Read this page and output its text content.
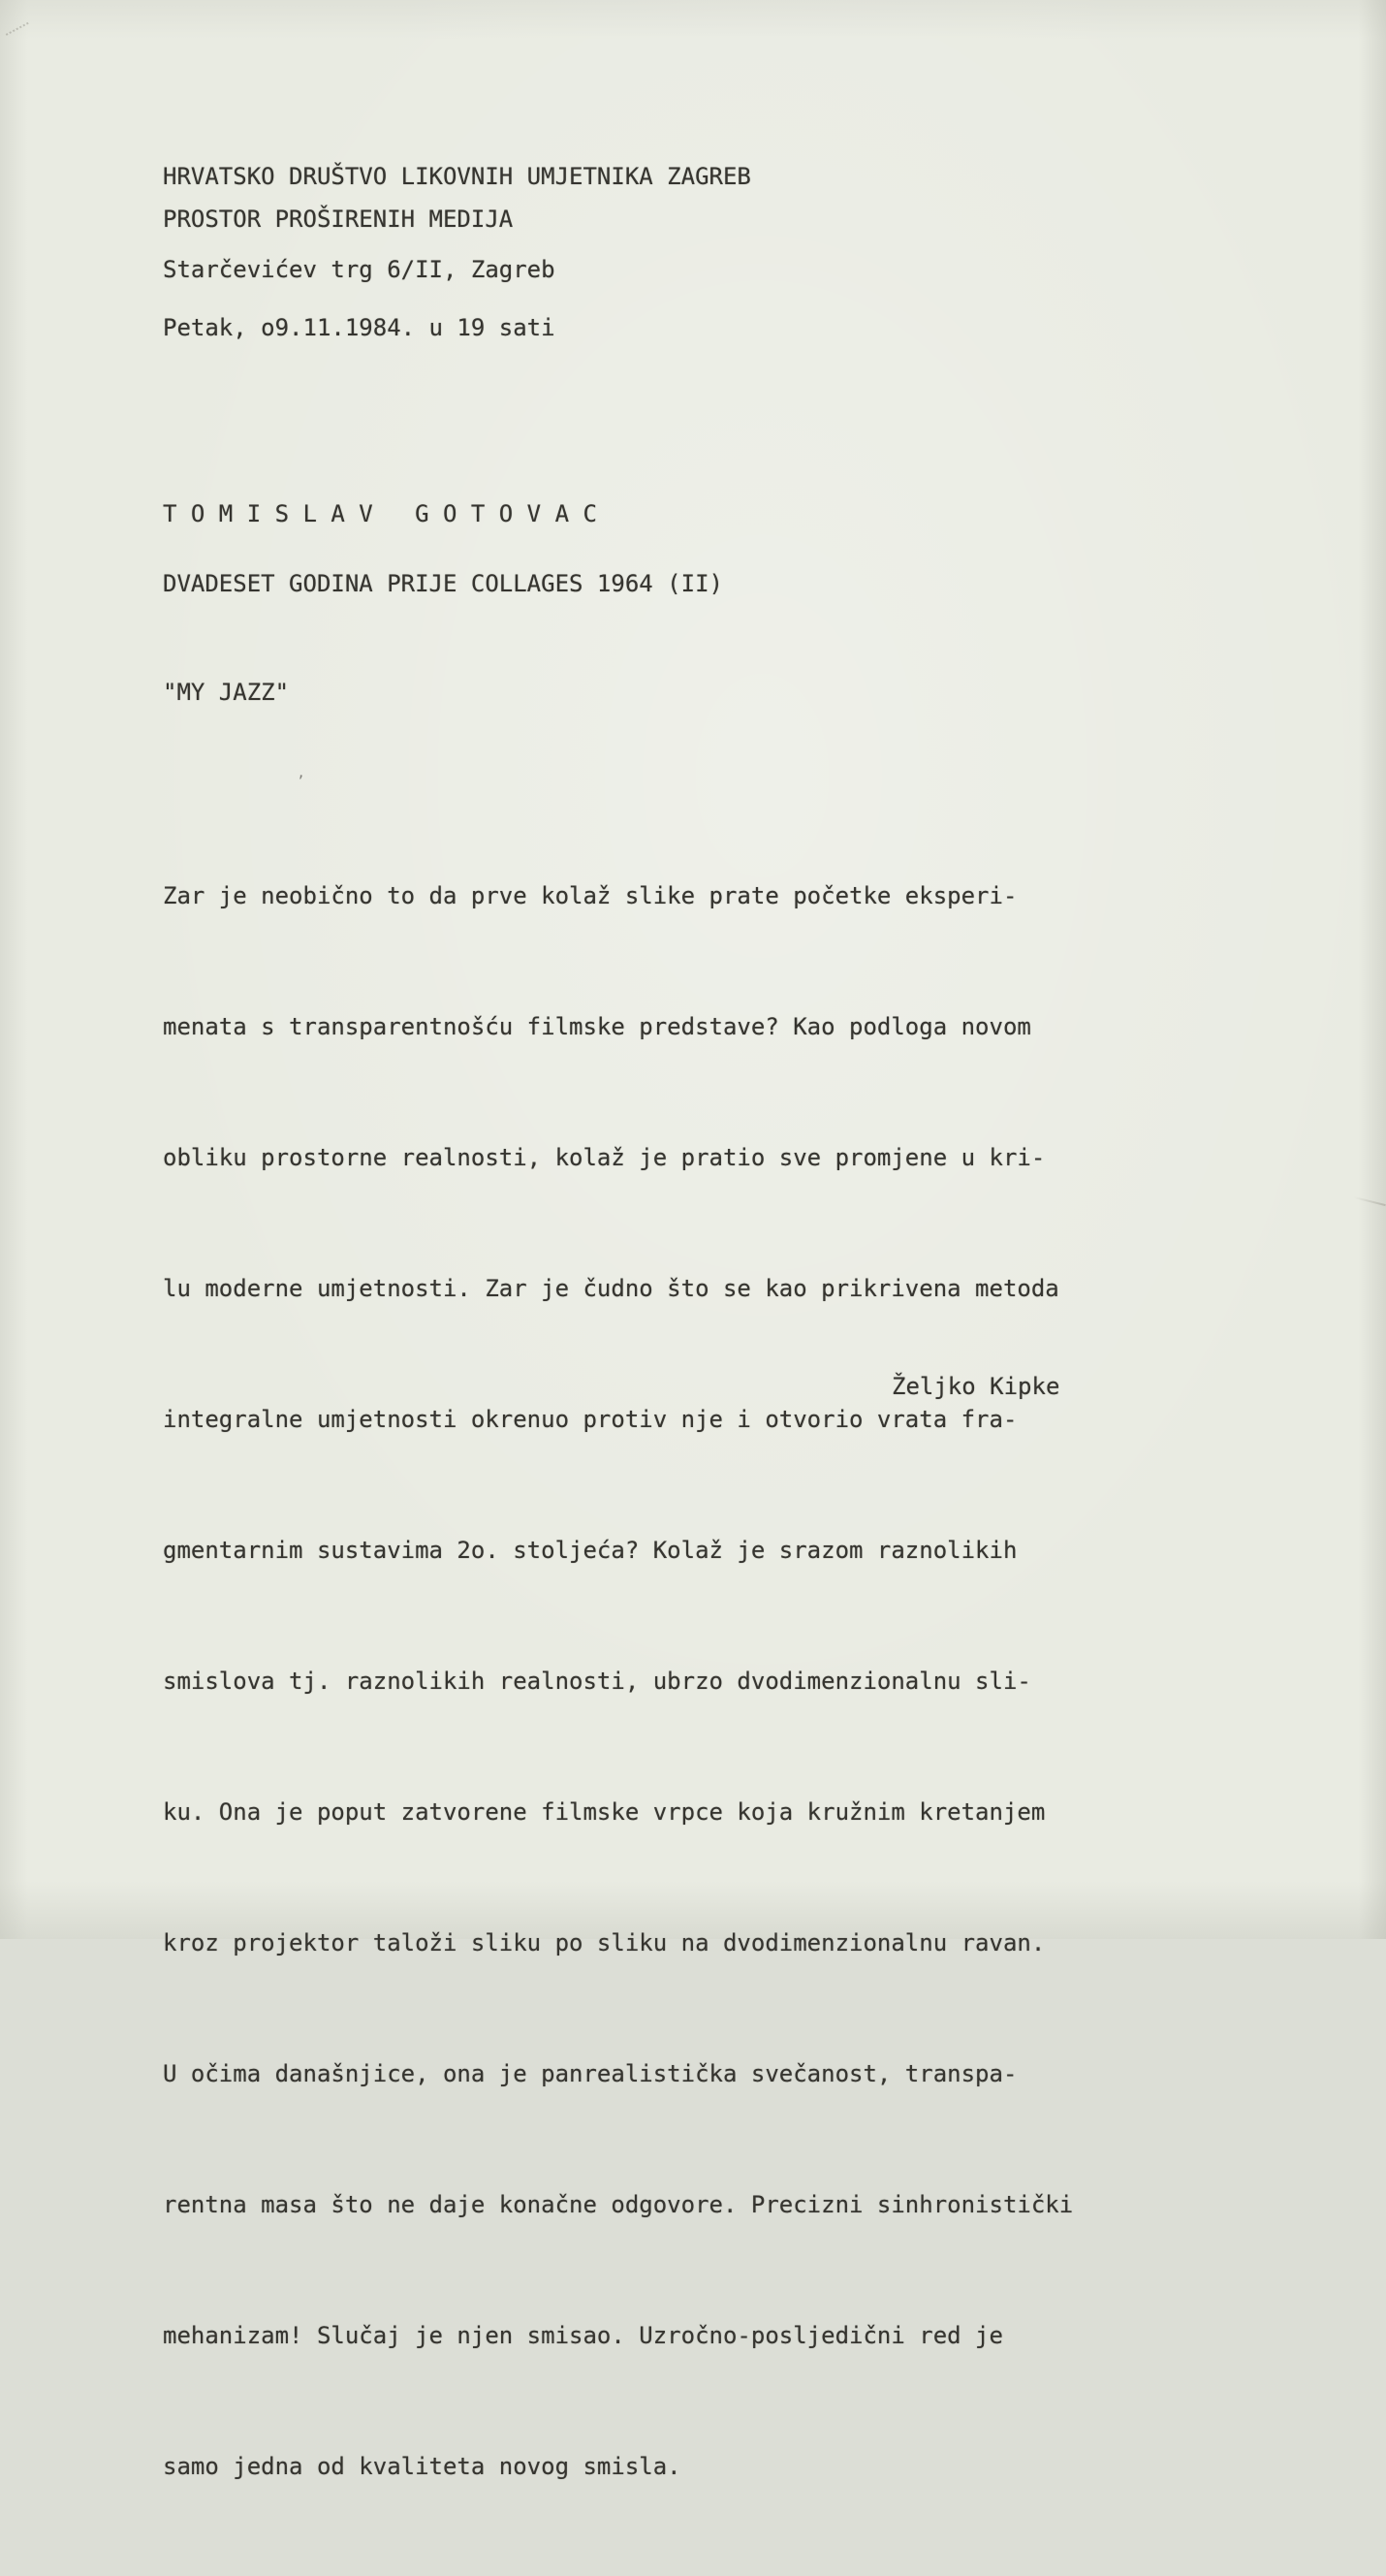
HRVATSKO DRUŠTVO LIKOVNIH UMJETNIKA ZAGREB
PROSTOR PROŠIRENIH MEDIJA
Starčevićev trg 6/II, Zagreb
Petak, o9.11.1984. u 19 sati
T O M I S L A V   G O T O V A C
DVADESET GODINA PRIJE COLLAGES 1964 (II)
"MY JAZZ"
ʼ

Zar je neobično to da prve kolaž slike prate početke eksperi-

menata s transparentnošću filmske predstave? Kao podloga novom

obliku prostorne realnosti, kolaž je pratio sve promjene u kri-

lu moderne umjetnosti. Zar je čudno što se kao prikrivena metoda

integralne umjetnosti okrenuo protiv nje i otvorio vrata fra-

gmentarnim sustavima 2o. stoljeća? Kolaž je srazom raznolikih

smislova tj. raznolikih realnosti, ubrzo dvodimenzionalnu sli-

ku. Ona je poput zatvorene filmske vrpce koja kružnim kretanjem

kroz projektor taloži sliku po sliku na dvodimenzionalnu ravan.

U očima današnjice, ona je panrealistička svečanost, transpa-

rentna masa što ne daje konačne odgovore. Precizni sinhronistički

mehanizam! Slučaj je njen smisao. Uzročno-posljedični red je

samo jedna od kvaliteta novog smisla.

Željko Kipke
